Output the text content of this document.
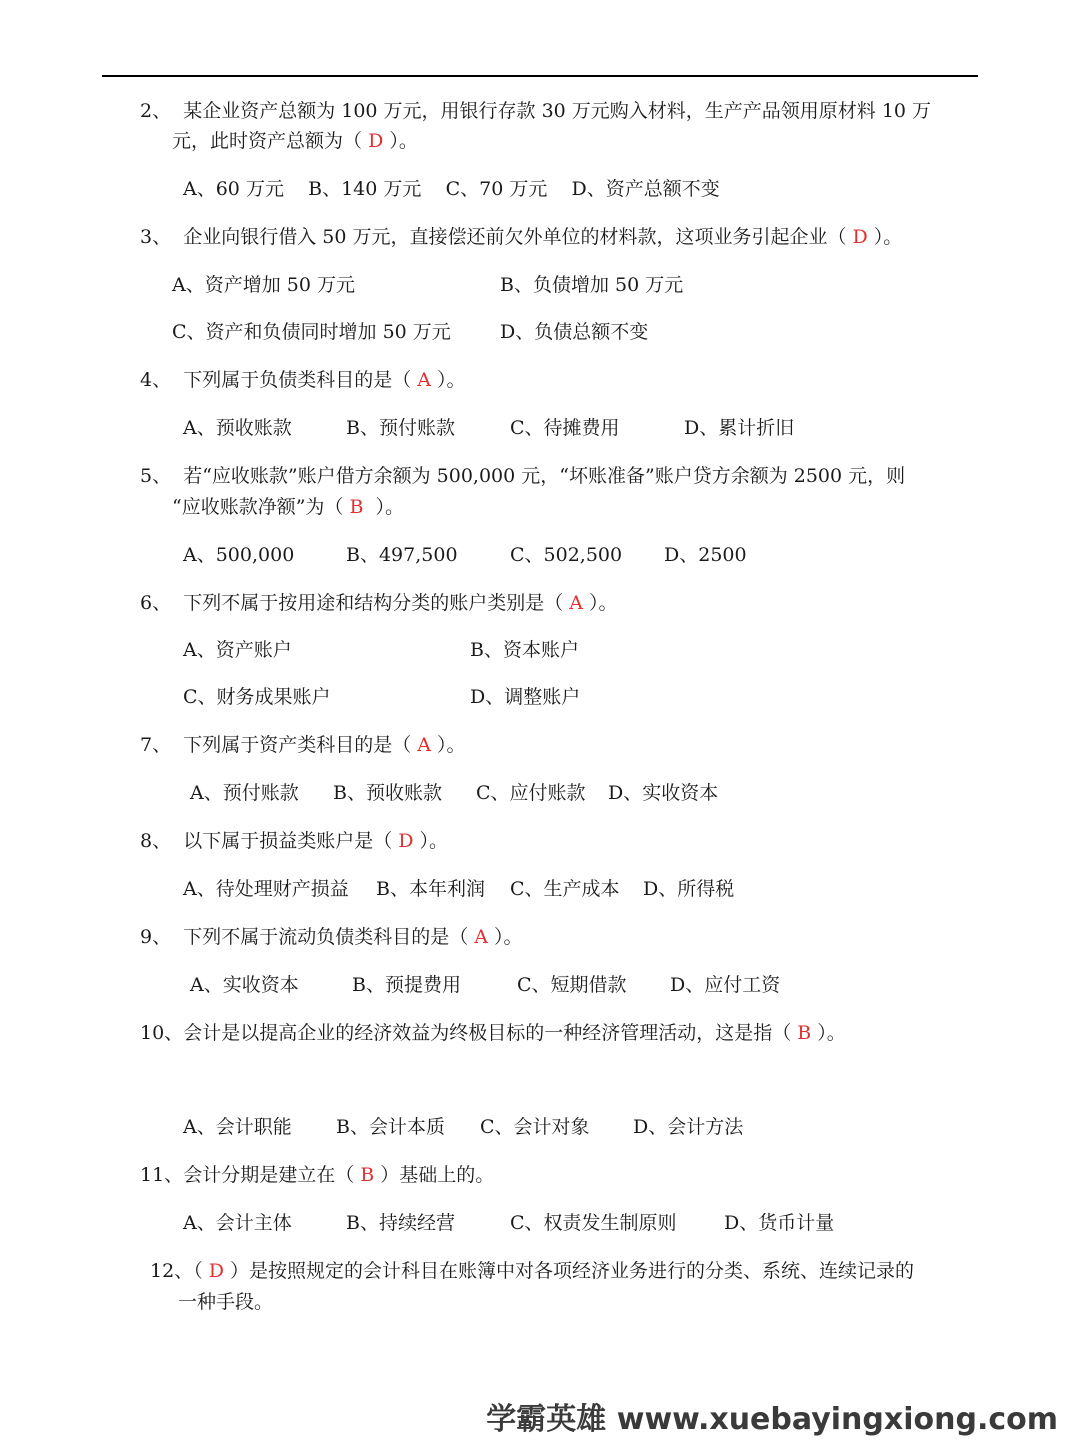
2、 某企业资产总额为 100 万元，用银行存款 30 万元购入材料，生产产品领用原材料 10 万
元，此时资产总额为（ D ）。
A、60 万元 B、140 万元 C、70 万元 D、资产总额不变
3、 企业向银行借入 50 万元，直接偿还前欠外单位的材料款，这项业务引起企业（ D ）。
A、资产增加 50 万元	B、负债增加 50 万元
C、资产和负债同时增加 50 万元	D、负债总额不变
4、 下列属于负债类科目的是（ A ）。
A、预收账款	B、预付账款	C、待摊费用	D、累计折旧
5、 若“应收账款”账户借方余额为 500,000 元，“坏账准备”账户贷方余额为 2500 元，则
“应收账款净额”为（ B ）。
A、500,000	B、497,500	C、502,500 D、2500
6、 下列不属于按用途和结构分类的账户类别是（ A ）。
A、资产账户	B、资本账户
C、财务成果账户	D、调整账户
7、 下列属于资产类科目的是（ A ）。
A、预付账款 B、预收账款 C、应付账款 D、实收资本
8、 以下属于损益类账户是（ D ）。
A、待处理财产损益 B、本年利润 C、生产成本 D、所得税
9、 下列不属于流动负债类科目的是（ A ）。
A、实收资本	B、预提费用	C、短期借款 D、应付工资
10、会计是以提高企业的经济效益为终极目标的一种经济管理活动，这是指（ B ）。
A、会计职能 B、会计本质 C、会计对象 D、会计方法
11、会计分期是建立在（ B ）基础上的。
A、会计主体	B、持续经营	C、权责发生制原则 D、货币计量
12、（ D ）是按照规定的会计科目在账簿中对各项经济业务进行的分类、系统、连续记录的
一种手段。
学霸英雄 www.xuebayingxiong.com
